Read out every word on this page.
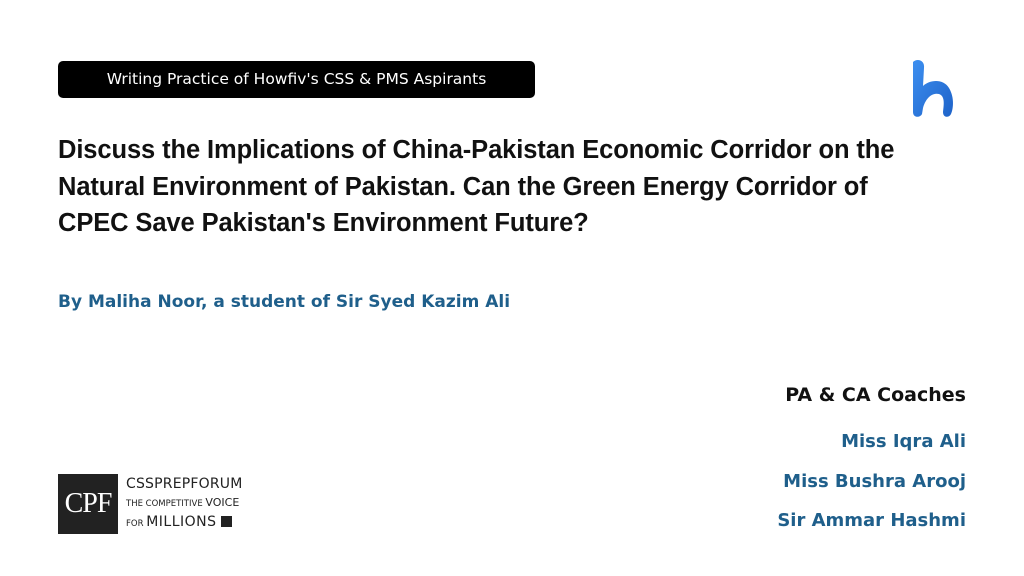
Writing Practice of Howfiv's CSS & PMS Aspirants
Discuss the Implications of China-Pakistan Economic Corridor on the Natural Environment of Pakistan. Can the Green Energy Corridor of CPEC Save Pakistan's Environment Future?
By Maliha Noor, a student of Sir Syed Kazim Ali
PA & CA Coaches
Miss Iqra Ali
Miss Bushra Arooj
Sir Ammar Hashmi
CPF
CSSPREPFORUM
THE COMPETITIVE VOICE
FOR MILLIONS
